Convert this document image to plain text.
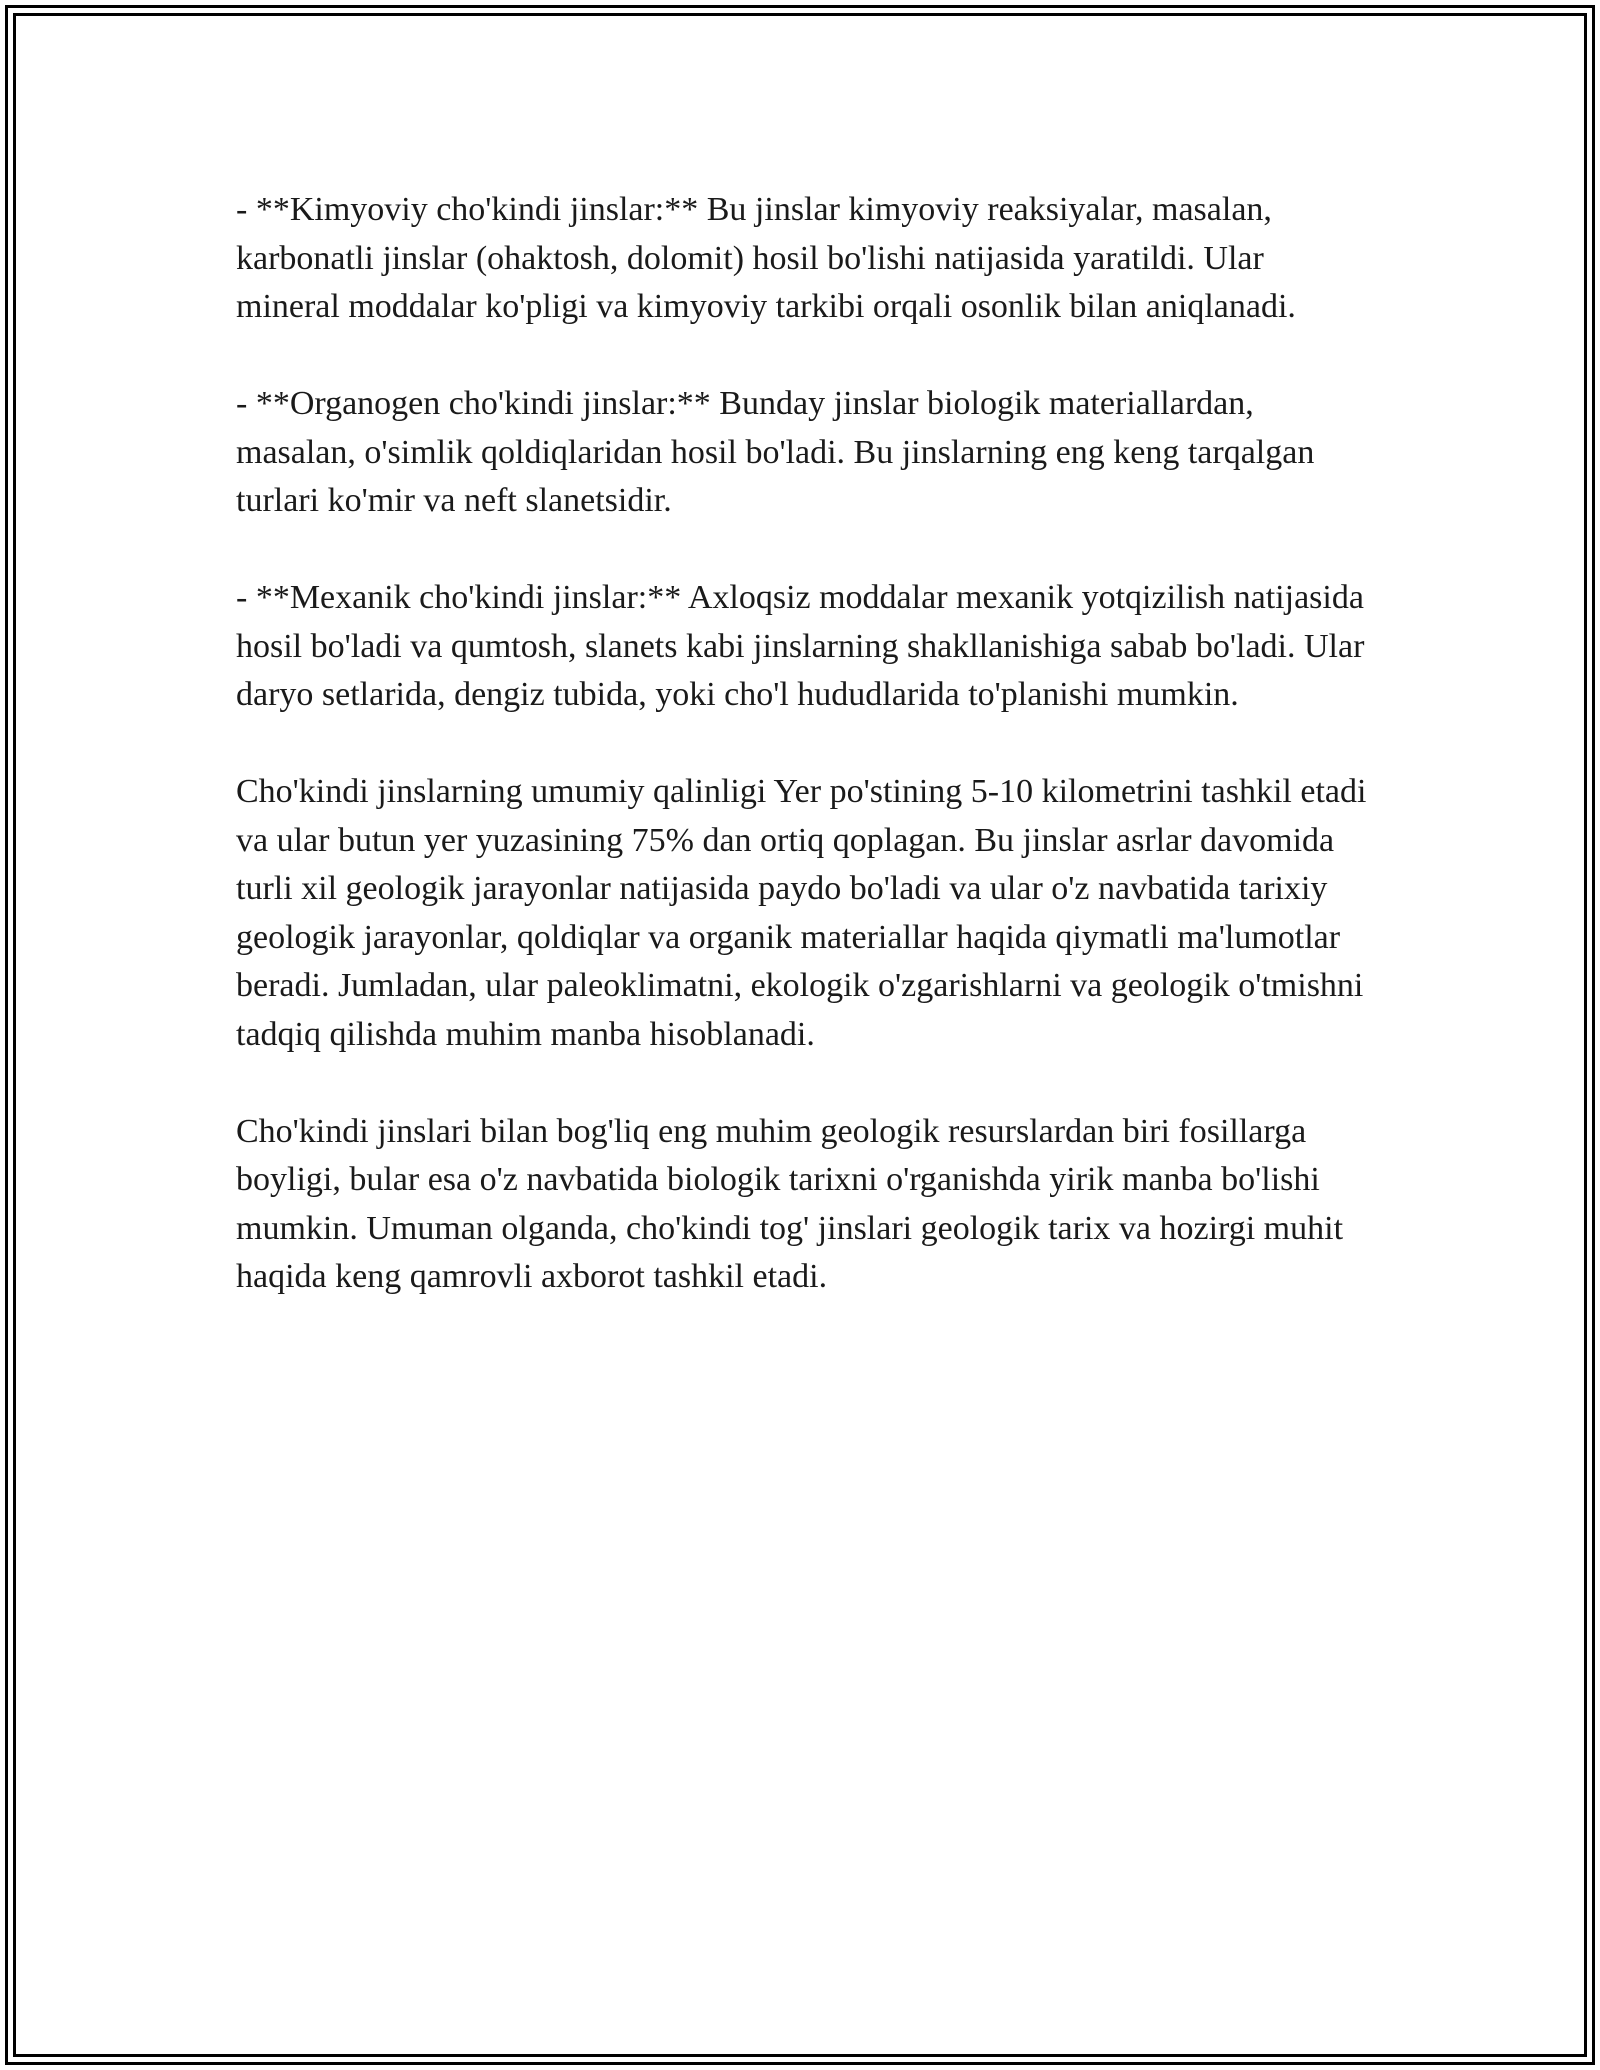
- **Kimyoviy cho'kindi jinslar:** Bu jinslar kimyoviy reaksiyalar, masalan, karbonatli jinslar (ohaktosh, dolomit) hosil bo'lishi natijasida yaratildi. Ular mineral moddalar ko'pligi va kimyoviy tarkibi orqali osonlik bilan aniqlanadi.

- **Organogen cho'kindi jinslar:** Bunday jinslar biologik materiallardan, masalan, o'simlik qoldiqlaridan hosil bo'ladi. Bu jinslarning eng keng tarqalgan turlari ko'mir va neft slanetsidir.

- **Mexanik cho'kindi jinslar:** Axloqsiz moddalar mexanik yotqizilish natijasida hosil bo'ladi va qumtosh, slanets kabi jinslarning shakllanishiga sabab bo'ladi. Ular daryo setlarida, dengiz tubida, yoki cho'l hududlarida to'planishi mumkin.

Cho'kindi jinslarning umumiy qalinligi Yer po'stining 5-10 kilometrini tashkil etadi va ular butun yer yuzasining 75% dan ortiq qoplagan. Bu jinslar asrlar davomida turli xil geologik jarayonlar natijasida paydo bo'ladi va ular o'z navbatida tarixiy geologik jarayonlar, qoldiqlar va organik materiallar haqida qiymatli ma'lumotlar beradi. Jumladan, ular paleoklimatni, ekologik o'zgarishlarni va geologik o'tmishni tadqiq qilishda muhim manba hisoblanadi.

Cho'kindi jinslari bilan bog'liq eng muhim geologik resurslardan biri fosillarga boyligi, bular esa o'z navbatida biologik tarixni o'rganishda yirik manba bo'lishi mumkin. Umuman olganda, cho'kindi tog' jinslari geologik tarix va hozirgi muhit haqida keng qamrovli axborot tashkil etadi.
